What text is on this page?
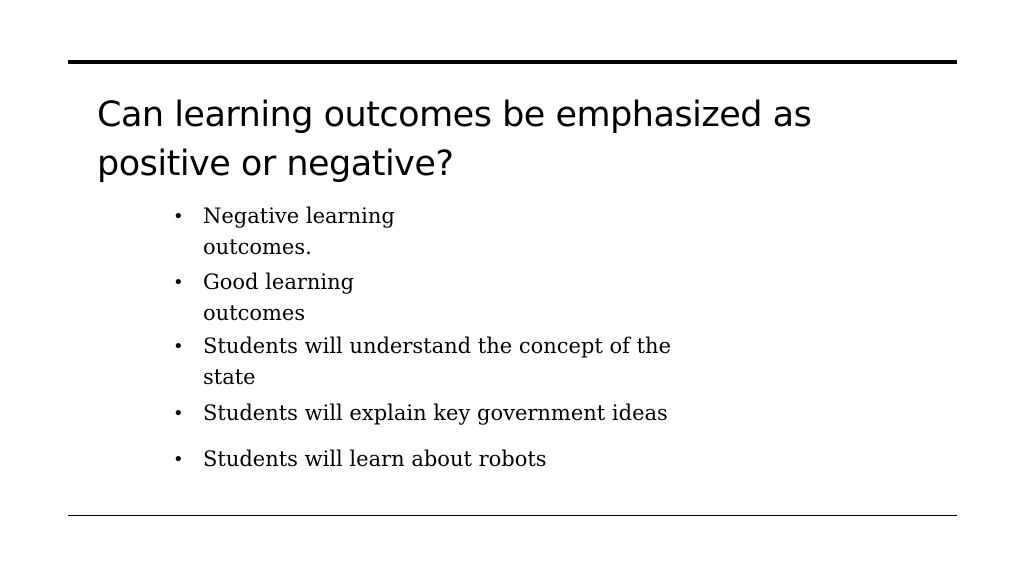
Can learning outcomes be emphasized as
positive or negative?
• Negative learning
outcomes.
• Good learning
outcomes
• Students will understand the concept of the
state
• Students will explain key government ideas
• Students will learn about robots
